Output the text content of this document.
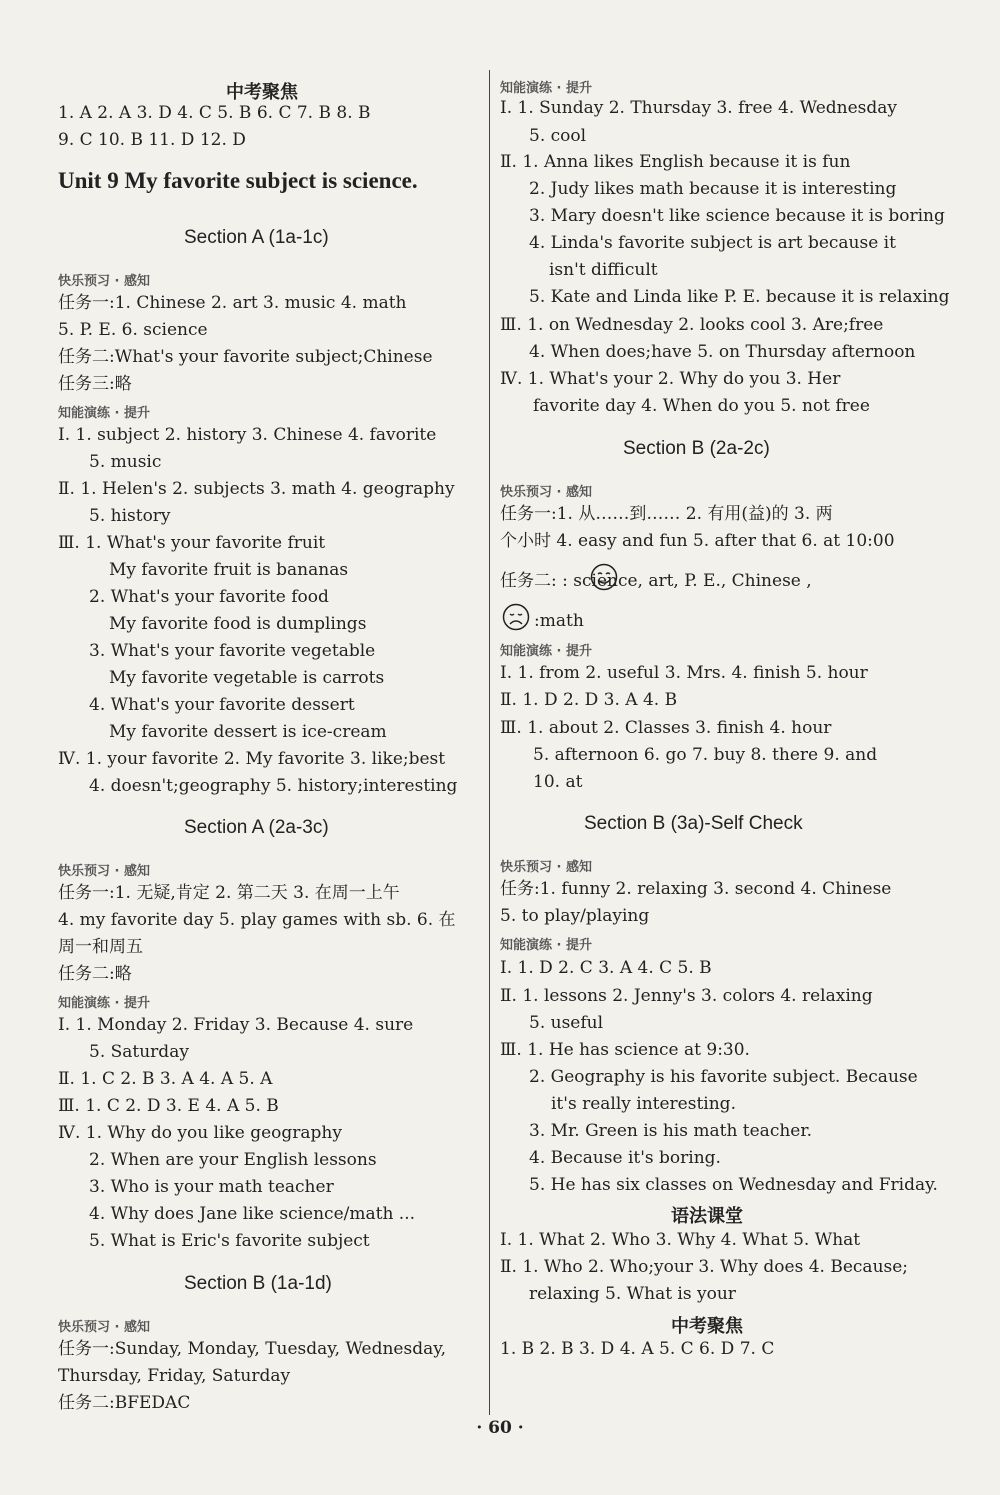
中考聚焦
1. A 2. A 3. D 4. C 5. B 6. C 7. B 8. B
9. C 10. B 11. D 12. D
Unit 9 My favorite subject is science.
Section A (1a-1c)
快乐预习 · 感知
任务一:1. Chinese 2. art 3. music 4. math
5. P. E. 6. science
任务二:What's your favorite subject;Chinese
任务三:略
知能演练 · 提升
Ⅰ. 1. subject 2. history 3. Chinese 4. favorite
5. music
Ⅱ. 1. Helen's 2. subjects 3. math 4. geography
5. history
Ⅲ. 1. What's your favorite fruit
My favorite fruit is bananas
2. What's your favorite food
My favorite food is dumplings
3. What's your favorite vegetable
My favorite vegetable is carrots
4. What's your favorite dessert
My favorite dessert is ice-cream
Ⅳ. 1. your favorite 2. My favorite 3. like;best
4. doesn't;geography 5. history;interesting
Section A (2a-3c)
快乐预习 · 感知
任务一:1. 无疑,肯定 2. 第二天 3. 在周一上午
4. my favorite day 5. play games with sb. 6. 在
周一和周五
任务二:略
知能演练 · 提升
Ⅰ. 1. Monday 2. Friday 3. Because 4. sure
5. Saturday
Ⅱ. 1. C 2. B 3. A 4. A 5. A
Ⅲ. 1. C 2. D 3. E 4. A 5. B
Ⅳ. 1. Why do you like geography
2. When are your English lessons
3. Who is your math teacher
4. Why does Jane like science/math ...
5. What is Eric's favorite subject
Section B (1a-1d)
快乐预习 · 感知
任务一:Sunday, Monday, Tuesday, Wednesday,
Thursday, Friday, Saturday
任务二:BFEDAC
知能演练 · 提升
Ⅰ. 1. Sunday 2. Thursday 3. free 4. Wednesday
5. cool
Ⅱ. 1. Anna likes English because it is fun
2. Judy likes math because it is interesting
3. Mary doesn't like science because it is boring
4. Linda's favorite subject is art because it
isn't difficult
5. Kate and Linda like P. E. because it is relaxing
Ⅲ. 1. on Wednesday 2. looks cool 3. Are;free
4. When does;have 5. on Thursday afternoon
Ⅳ. 1. What's your 2. Why do you 3. Her
favorite day 4. When do you 5. not free
Section B (2a-2c)
快乐预习 · 感知
任务一:1. 从……到…… 2. 有用(益)的 3. 两
个小时 4. easy and fun 5. after that 6. at 10:00
任务二: : science, art, P. E., Chinese ,
:math
知能演练 · 提升
Ⅰ. 1. from 2. useful 3. Mrs. 4. finish 5. hour
Ⅱ. 1. D 2. D 3. A 4. B
Ⅲ. 1. about 2. Classes 3. finish 4. hour
5. afternoon 6. go 7. buy 8. there 9. and
10. at
Section B (3a)-Self Check
快乐预习 · 感知
任务:1. funny 2. relaxing 3. second 4. Chinese
5. to play/playing
知能演练 · 提升
Ⅰ. 1. D 2. C 3. A 4. C 5. B
Ⅱ. 1. lessons 2. Jenny's 3. colors 4. relaxing
5. useful
Ⅲ. 1. He has science at 9:30.
2. Geography is his favorite subject. Because
it's really interesting.
3. Mr. Green is his math teacher.
4. Because it's boring.
5. He has six classes on Wednesday and Friday.
语法课堂
Ⅰ. 1. What 2. Who 3. Why 4. What 5. What
Ⅱ. 1. Who 2. Who;your 3. Why does 4. Because;
relaxing 5. What is your
中考聚焦
1. B 2. B 3. D 4. A 5. C 6. D 7. C
· 60 ·
